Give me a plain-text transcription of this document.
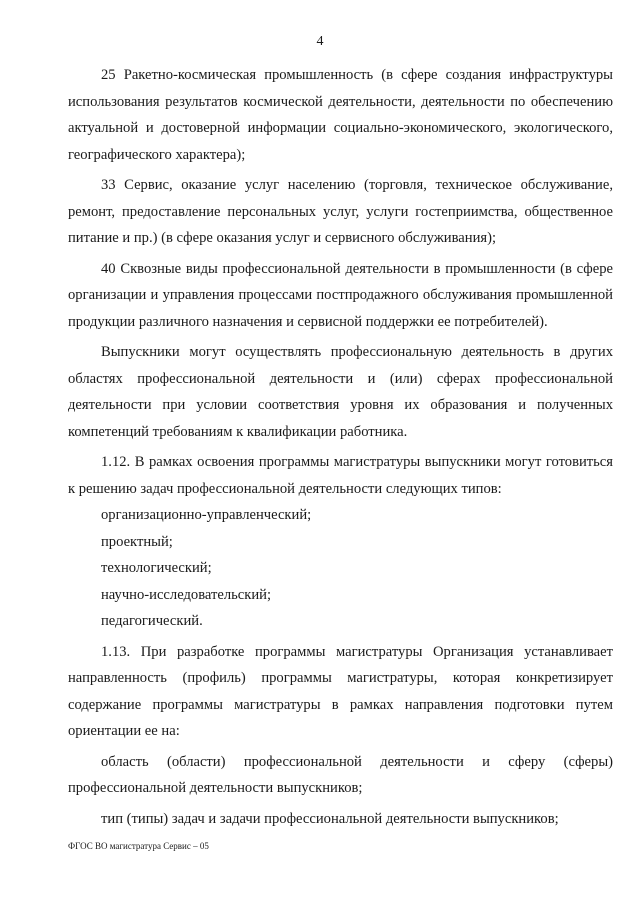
4

25 Ракетно-космическая промышленность (в сфере создания инфраструктуры использования результатов космической деятельности, деятельности по обеспечению актуальной и достоверной информации социально-экономического, экологического, географического характера);

33 Сервис, оказание услуг населению (торговля, техническое обслуживание, ремонт, предоставление персональных услуг, услуги гостеприимства, общественное питание и пр.) (в сфере оказания услуг и сервисного обслуживания);

40 Сквозные виды профессиональной деятельности в промышленности (в сфере организации и управления процессами постпродажного обслуживания промышленной продукции различного назначения и сервисной поддержки ее потребителей).

Выпускники могут осуществлять профессиональную деятельность в других областях профессиональной деятельности и (или) сферах профессиональной деятельности при условии соответствия уровня их образования и полученных компетенций требованиям к квалификации работника.

1.12. В рамках освоения программы магистратуры выпускники могут готовиться к решению задач профессиональной деятельности следующих типов:

организационно-управленческий;

проектный;

технологический;

научно-исследовательский;

педагогический.

1.13. При разработке программы магистратуры Организация устанавливает направленность (профиль) программы магистратуры, которая конкретизирует содержание программы магистратуры в рамках направления подготовки путем ориентации ее на:

область (области) профессиональной деятельности и сферу (сферы) профессиональной деятельности выпускников;

тип (типы) задач и задачи профессиональной деятельности выпускников;

ФГОС ВО магистратура Сервис – 05
